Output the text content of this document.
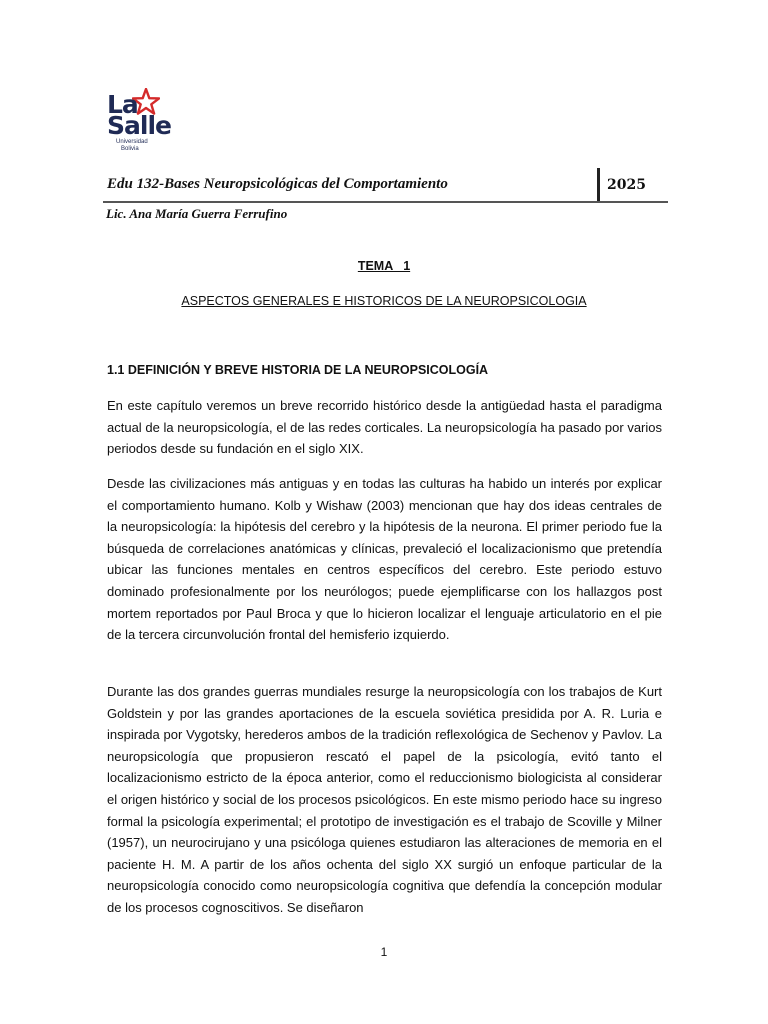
La
Salle
Universidad
Bolivia
Edu 132-Bases Neuropsicológicas del Comportamiento	2025
Lic. Ana María Guerra Ferrufino
TEMA   1
ASPECTOS GENERALES E HISTORICOS DE LA NEUROPSICOLOGIA
1.1 DEFINICIÓN Y BREVE HISTORIA DE LA NEUROPSICOLOGÍA

En este capítulo veremos un breve recorrido histórico desde la antigüedad hasta el paradigma actual de la neuropsicología, el de las redes corticales. La neuropsicología ha pasado por varios periodos desde su fundación en el siglo XIX.

Desde las civilizaciones más antiguas y en todas las culturas ha habido un interés por explicar el comportamiento humano. Kolb y Wishaw (2003) mencionan que hay dos ideas centrales de la neuropsicología: la hipótesis del cerebro y la hipótesis de la neurona. El primer periodo fue la búsqueda de correlaciones anatómicas y clínicas, prevaleció el localizacionismo que pretendía ubicar las funciones mentales en centros específicos del cerebro. Este periodo estuvo dominado profesionalmente por los neurólogos; puede ejemplificarse con los hallazgos post mortem reportados por Paul Broca y que lo hicieron localizar el lenguaje articulatorio en el pie de la tercera circunvolución frontal del hemisferio izquierdo.

Durante las dos grandes guerras mundiales resurge la neuropsicología con los trabajos de Kurt Goldstein y por las grandes aportaciones de la escuela soviética presidida por A. R. Luria e inspirada por Vygotsky, herederos ambos de la tradición reflexológica de Sechenov y Pavlov. La neuropsicología que propusieron rescató el papel de la psicología, evitó tanto el localizacionismo estricto de la época anterior, como el reduccionismo biologicista al considerar el origen histórico y social de los procesos psicológicos. En este mismo periodo hace su ingreso formal la psicología experimental; el prototipo de investigación es el trabajo de Scoville y Milner (1957), un neurocirujano y una psicóloga quienes estudiaron las alteraciones de memoria en el paciente H. M. A partir de los años ochenta del siglo XX surgió un enfoque particular de la neuropsicología conocido como neuropsicología cognitiva que defendía la concepción modular de los procesos cognoscitivos. Se diseñaron

1
